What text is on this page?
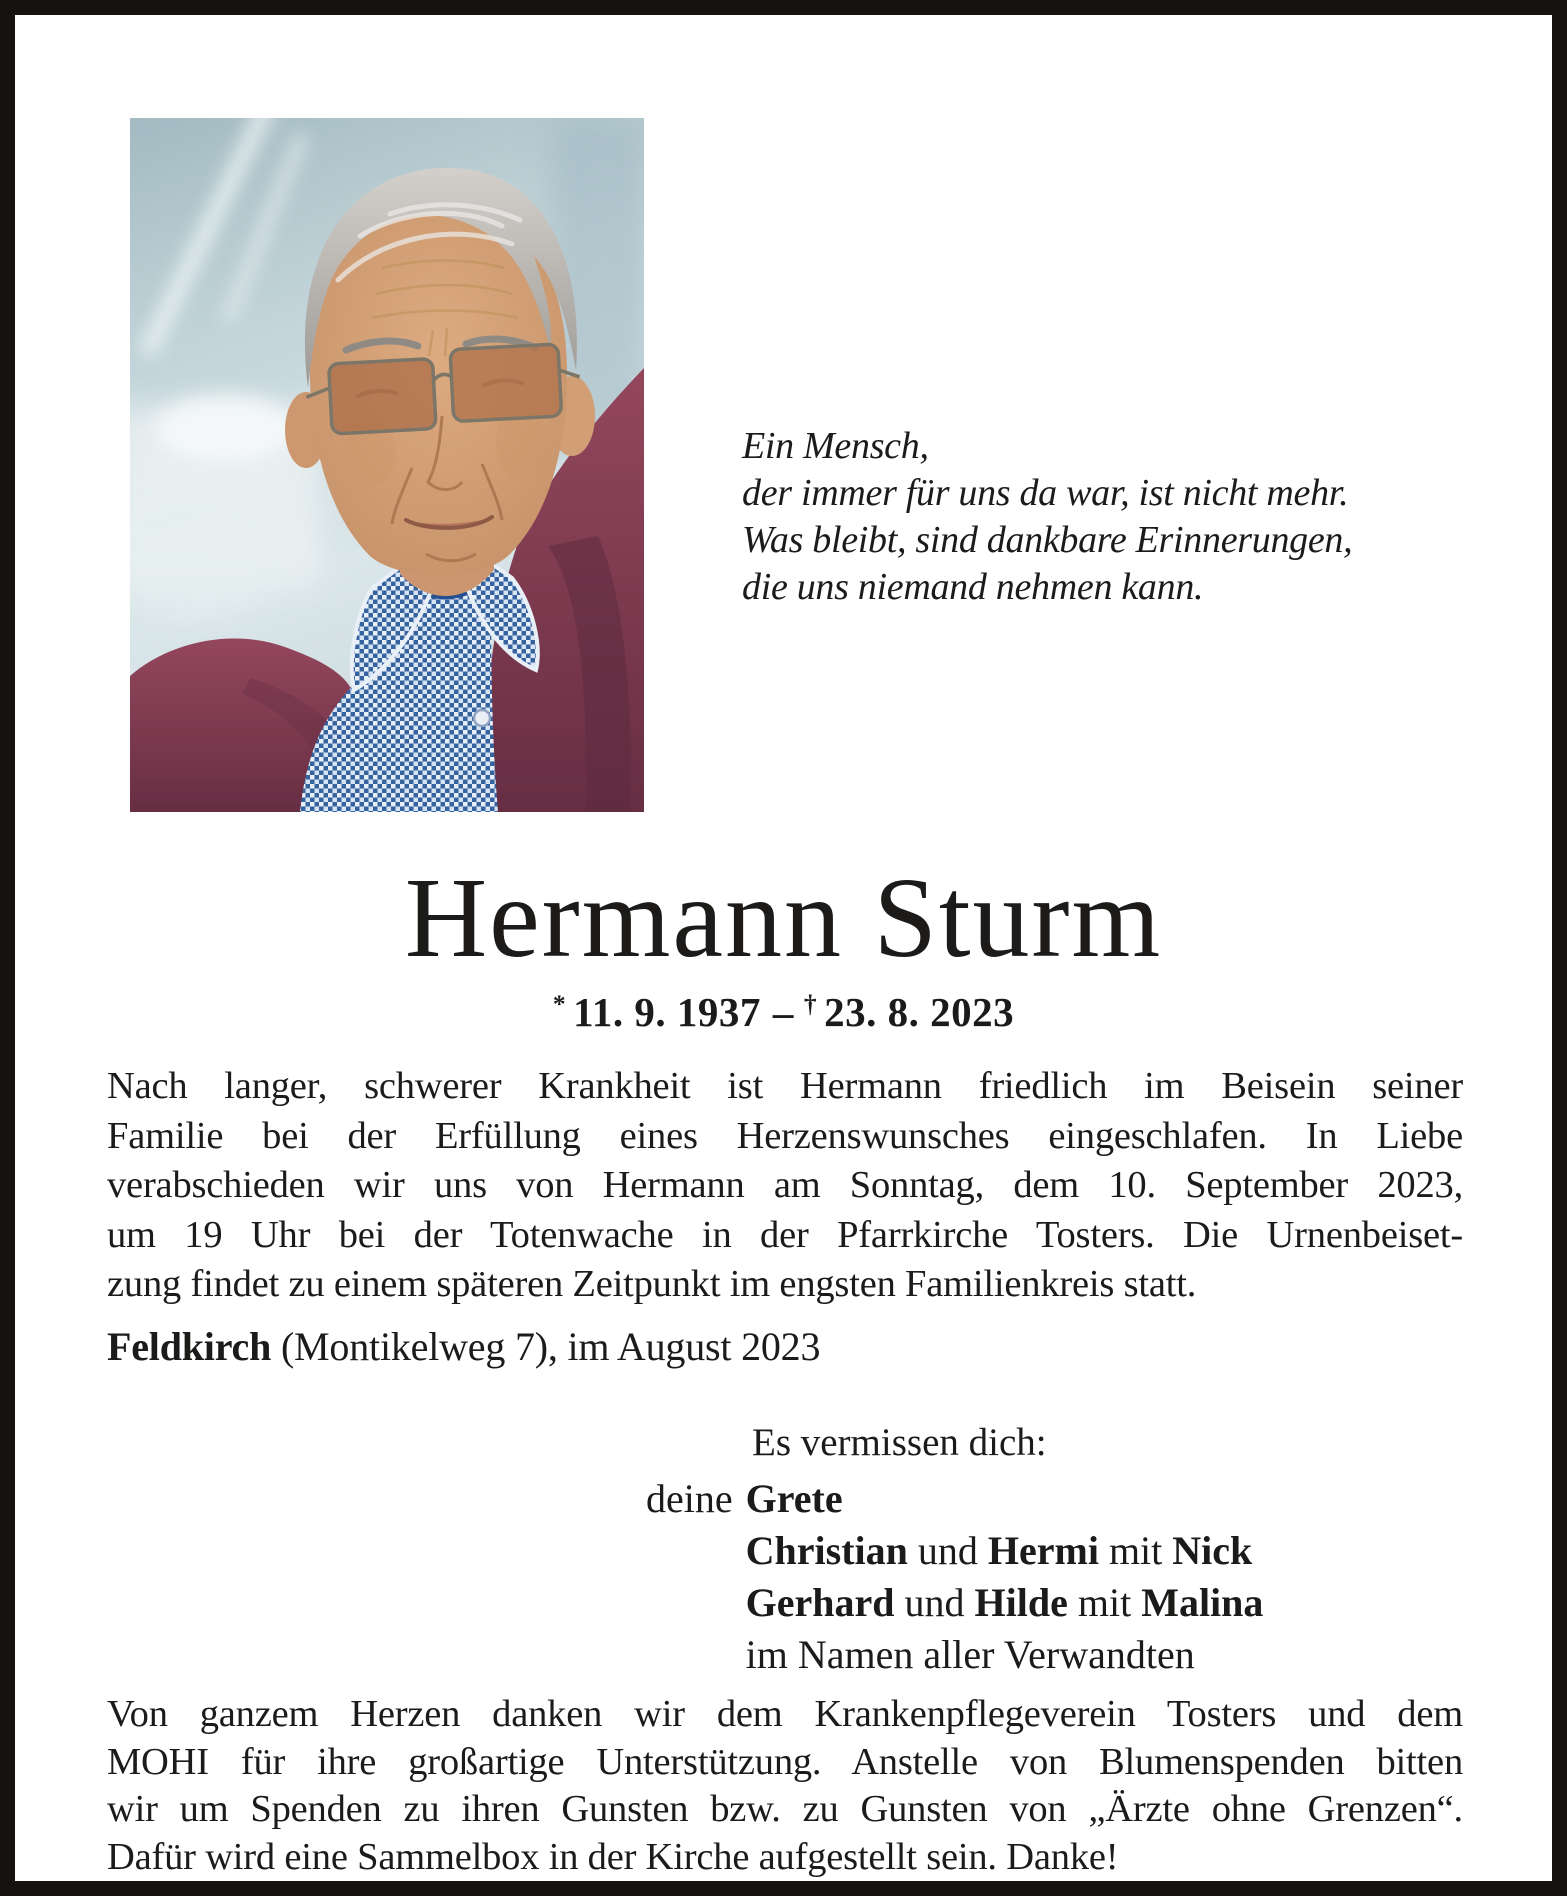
Ein Mensch,
der immer für uns da war, ist nicht mehr.
Was bleibt, sind dankbare Erinnerungen,
die uns niemand nehmen kann.
Hermann Sturm
* 11. 9. 1937 – † 23. 8. 2023
Nach langer, schwerer Krankheit ist Hermann friedlich im Beisein seiner
Familie bei der Erfüllung eines Herzenswunsches eingeschlafen. In Liebe
verabschieden wir uns von Hermann am Sonntag, dem 10. September 2023,
um 19 Uhr bei der Totenwache in der Pfarrkirche Tosters. Die Urnenbeiset-
zung findet zu einem späteren Zeitpunkt im engsten Familienkreis statt.
Feldkirch (Montikelweg 7), im August 2023
Es vermissen dich:
deine Grete
Christian und Hermi mit Nick
Gerhard und Hilde mit Malina
im Namen aller Verwandten
Von ganzem Herzen danken wir dem Krankenpflegeverein Tosters und dem
MOHI für ihre großartige Unterstützung. Anstelle von Blumenspenden bitten
wir um Spenden zu ihren Gunsten bzw. zu Gunsten von „Ärzte ohne Grenzen“.
Dafür wird eine Sammelbox in der Kirche aufgestellt sein. Danke!
